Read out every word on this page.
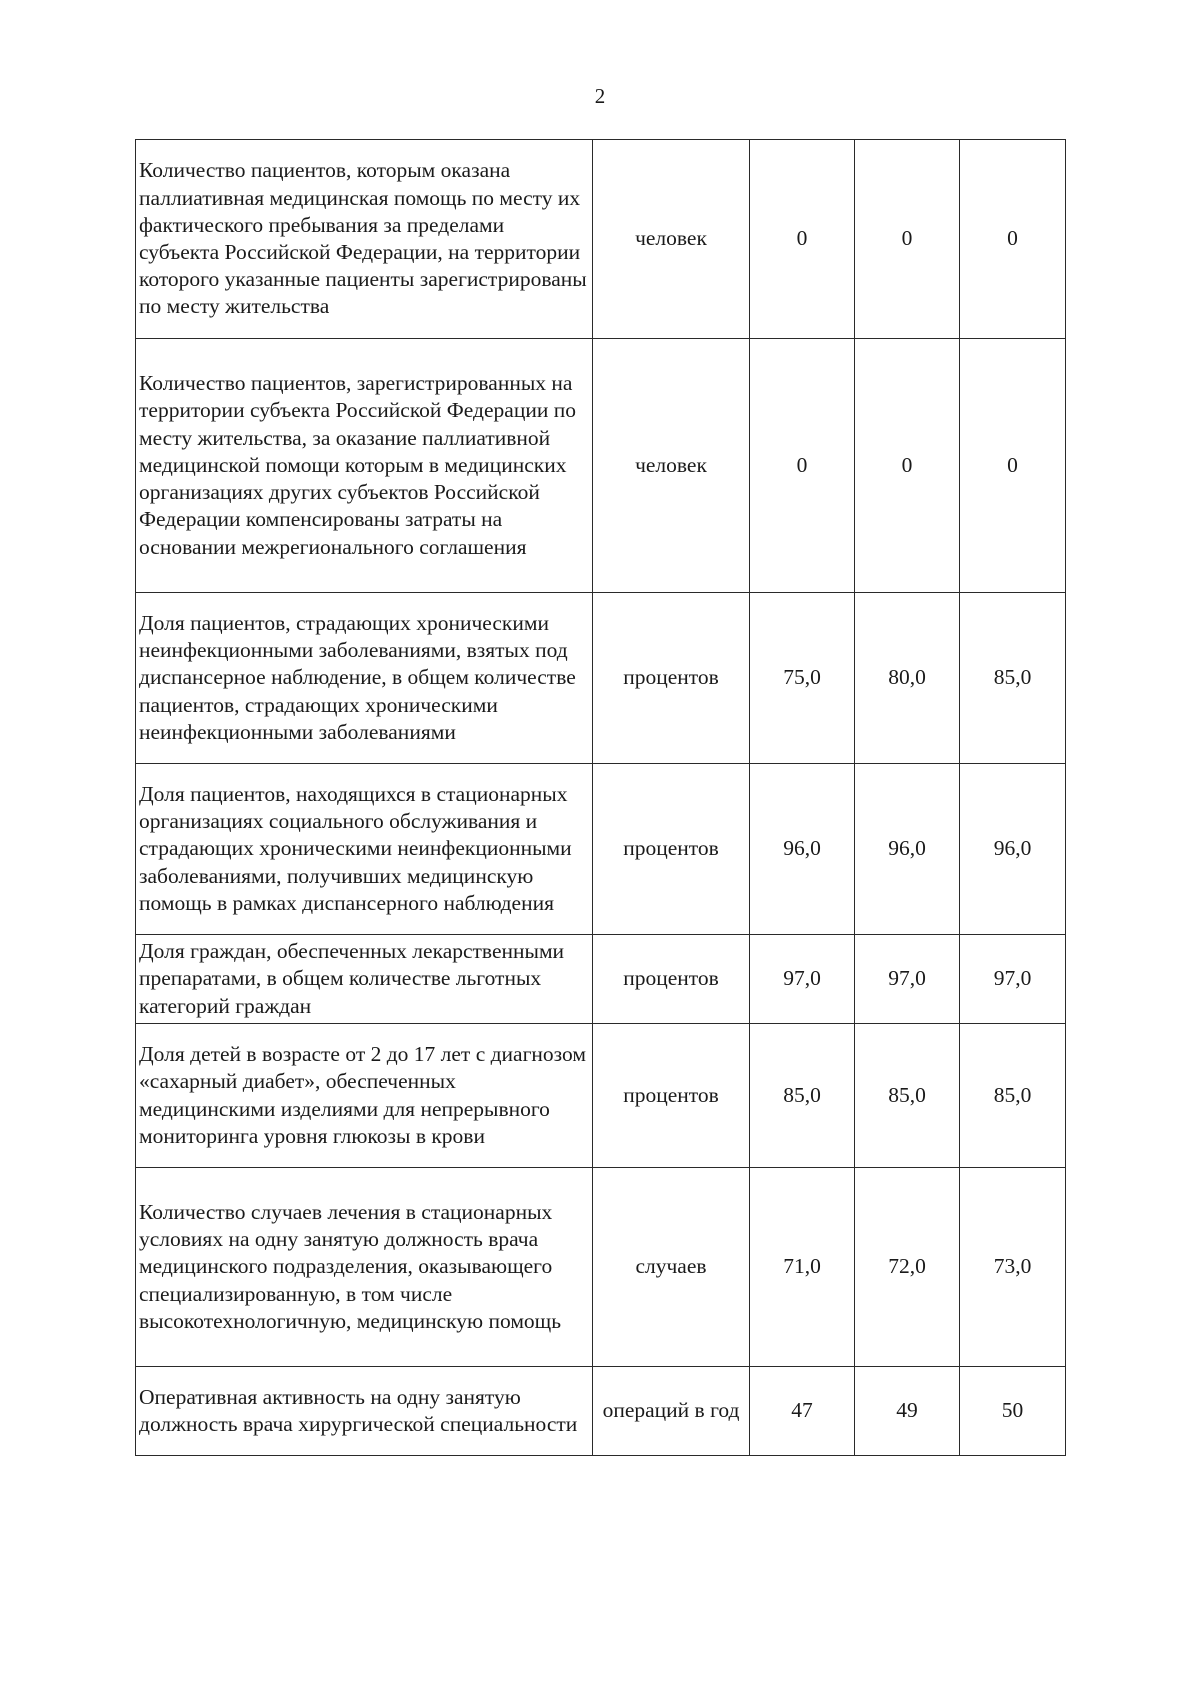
2
Количество пациентов, которым оказана паллиативная медицинская помощь по месту их фактического пребывания за пределами субъекта Российской Федерации, на территории которого указанные пациенты зарегистрированы по месту жительства	человек	0	0	0
Количество пациентов, зарегистрированных на территории субъекта Российской Федерации по месту жительства, за оказание паллиативной медицинской помощи которым в медицинских организациях других субъектов Российской Федерации компенсированы затраты на основании межрегионального соглашения	человек	0	0	0
Доля пациентов, страдающих хроническими неинфекционными заболеваниями, взятых под диспансерное наблюдение, в общем количестве пациентов, страдающих хроническими неинфекционными заболеваниями	процентов	75,0	80,0	85,0
Доля пациентов, находящихся в стационарных организациях социального обслуживания и страдающих хроническими неинфекционными заболеваниями, получивших медицинскую помощь в рамках диспансерного наблюдения	процентов	96,0	96,0	96,0
Доля граждан, обеспеченных лекарственными препаратами, в общем количестве льготных категорий граждан	процентов	97,0	97,0	97,0
Доля детей в возрасте от 2 до 17 лет с диагнозом «сахарный диабет», обеспеченных медицинскими изделиями для непрерывного мониторинга уровня глюкозы в крови	процентов	85,0	85,0	85,0
Количество случаев лечения в стационарных условиях на одну занятую должность врача медицинского подразделения, оказывающего специализированную, в том числе высокотехнологичную, медицинскую помощь	случаев	71,0	72,0	73,0
Оперативная активность на одну занятую должность врача хирургической специальности	операций в год	47	49	50
